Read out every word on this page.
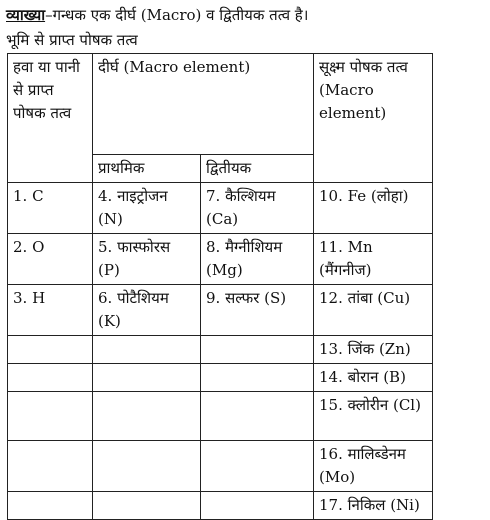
व्याख्या–गन्धक एक दीर्घ (Macro) व द्वितीयक तत्व है।
भूमि से प्राप्त पोषक तत्व
हवा या पानी से प्राप्त पोषक तत्व	दीर्घ (Macro element)		सूक्ष्म पोषक तत्व (Macro element)
	प्राथमिक	द्वितीयक	
1. C	4. नाइट्रोजन (N)	7. कैल्शियम (Ca)	10. Fe (लोहा)
2. O	5. फास्फोरस (P)	8. मैग्नीशियम (Mg)	11. Mn (मैंगनीज)
3. H	6. पोटैशियम (K)	9. सल्फर (S)	12. तांबा (Cu)
			13. जिंक (Zn)
			14. बोरान (B)
			15. क्लोरीन (Cl)
			16. मालिब्डेनम (Mo)
			17. निकिल (Ni)
